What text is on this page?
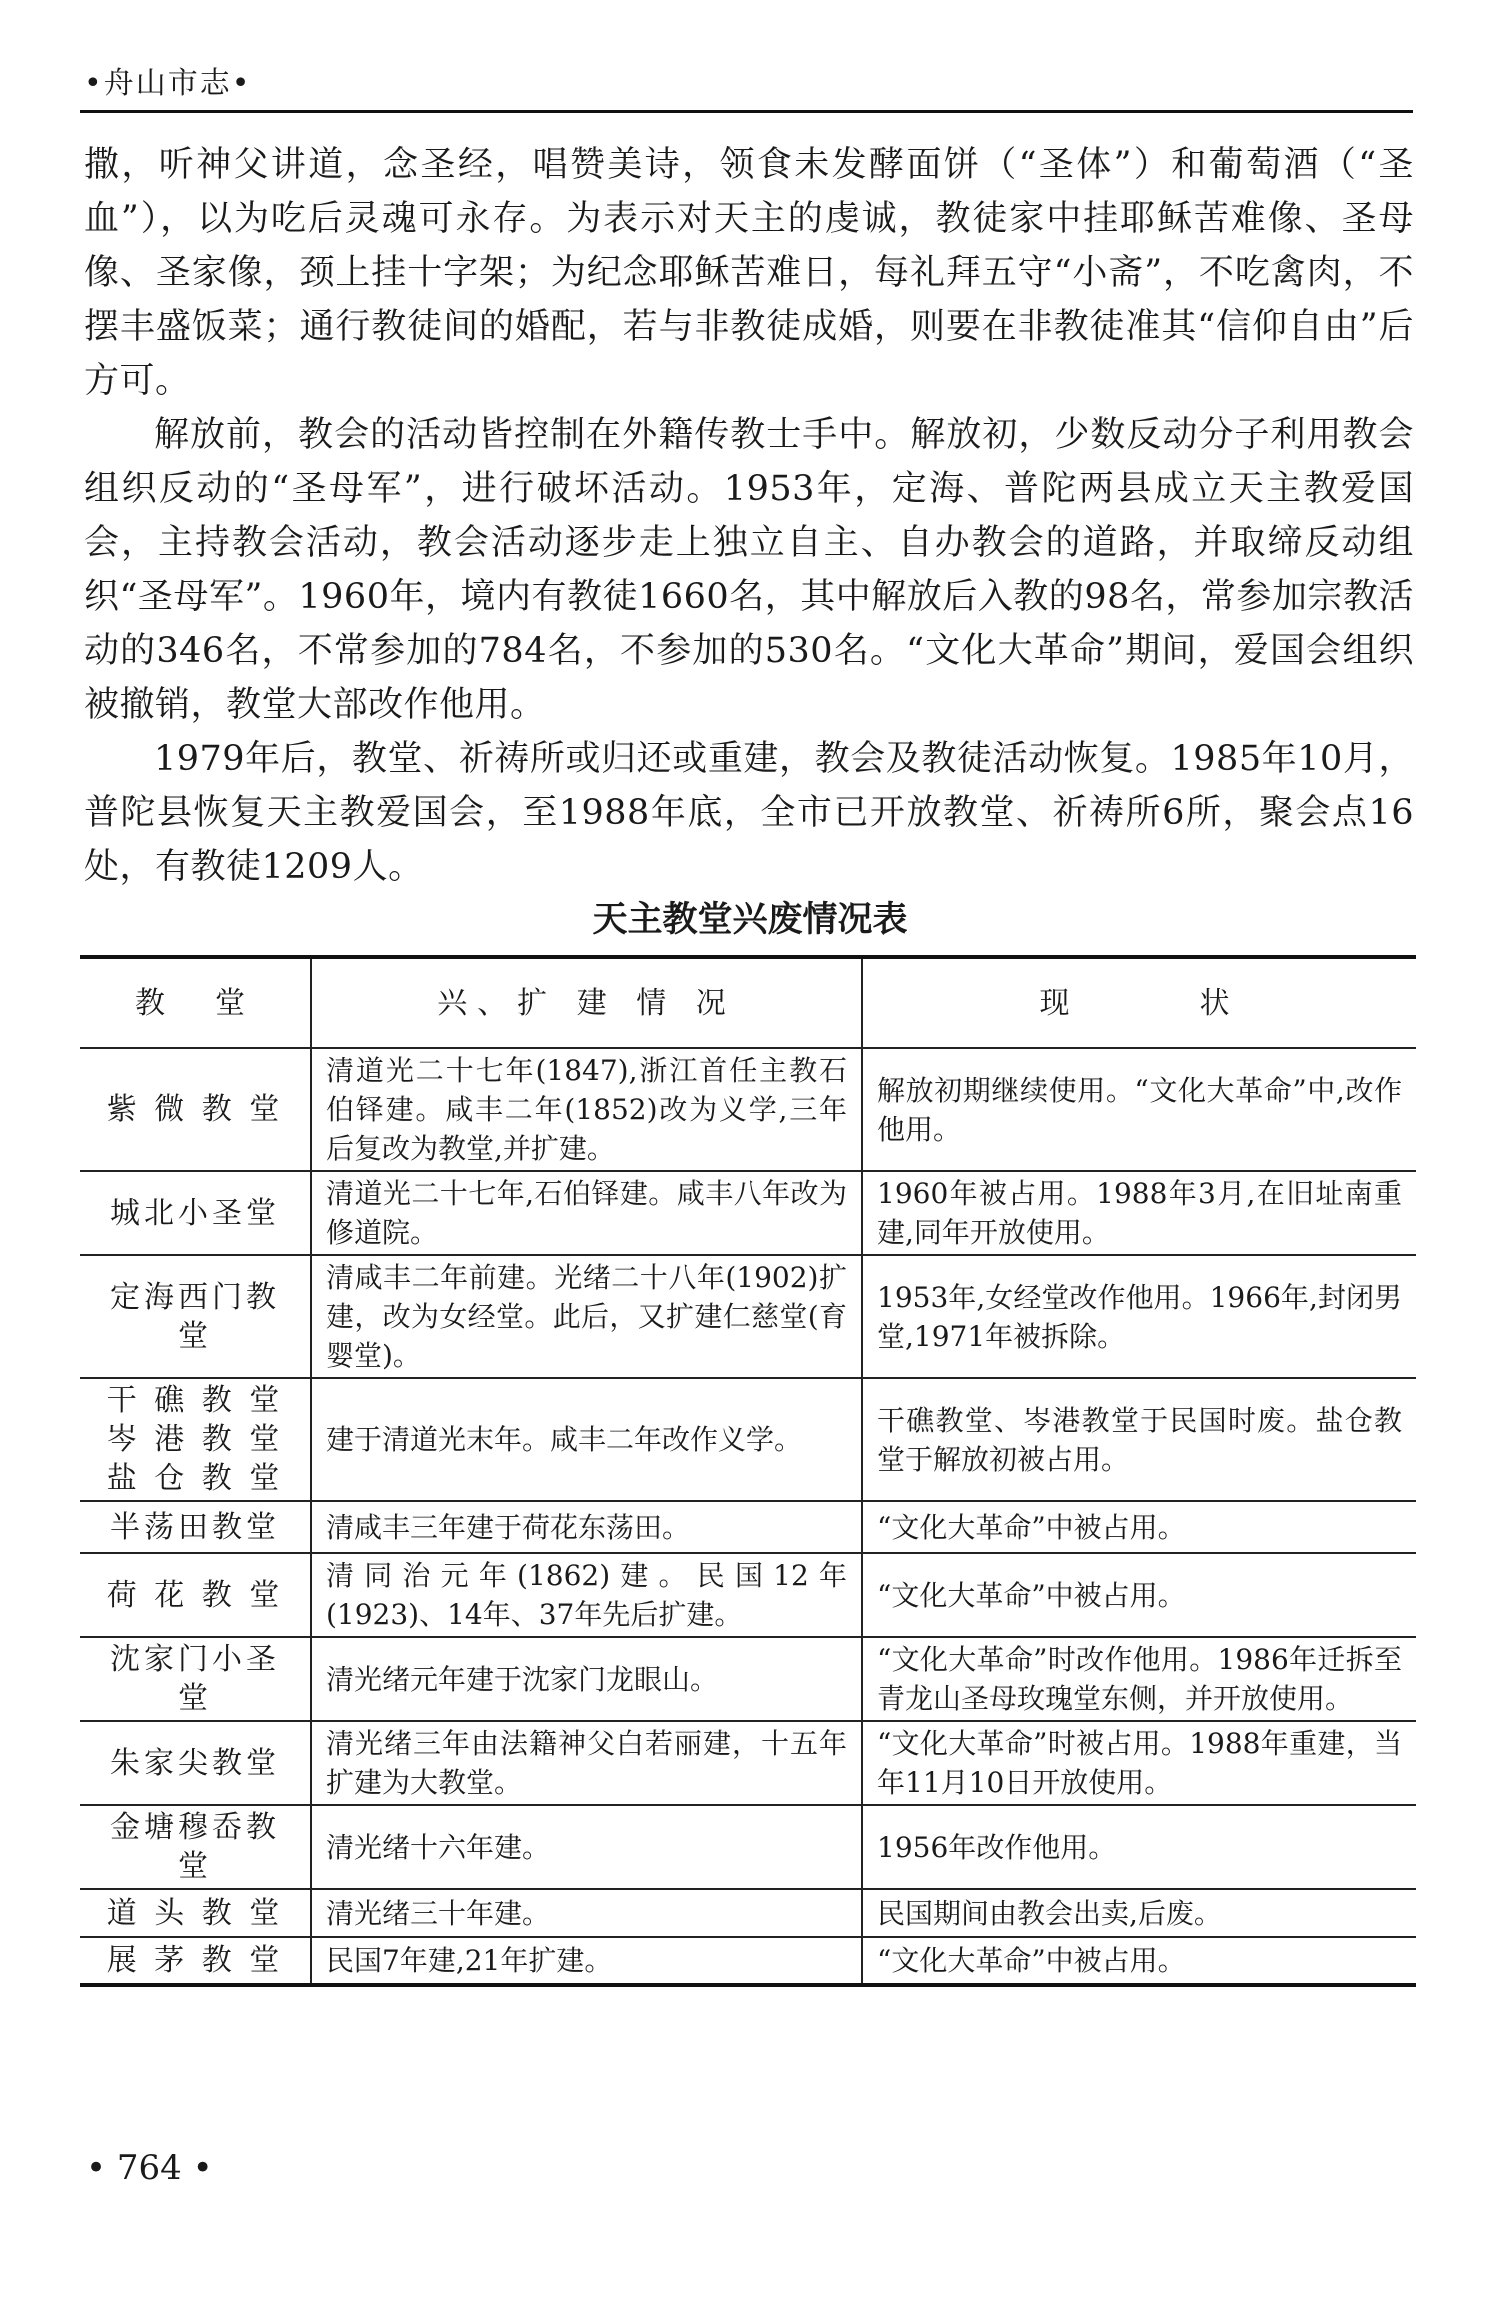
•舟山市志•

撒，听神父讲道，念圣经，唱赞美诗，领食未发酵面饼（“圣体”）和葡萄酒（“圣血”），以为吃后灵魂可永存。为表示对天主的虔诚，教徒家中挂耶稣苦难像、圣母像、圣家像，颈上挂十字架；为纪念耶稣苦难日，每礼拜五守“小斋”，不吃禽肉，不摆丰盛饭菜；通行教徒间的婚配，若与非教徒成婚，则要在非教徒准其“信仰自由”后方可。

解放前，教会的活动皆控制在外籍传教士手中。解放初，少数反动分子利用教会组织反动的“圣母军”，进行破坏活动。1953年，定海、普陀两县成立天主教爱国会，主持教会活动，教会活动逐步走上独立自主、自办教会的道路，并取缔反动组织“圣母军”。1960年，境内有教徒1660名，其中解放后入教的98名，常参加宗教活动的346名，不常参加的784名，不参加的530名。“文化大革命”期间，爱国会组织被撤销，教堂大部改作他用。

1979年后，教堂、祈祷所或归还或重建，教会及教徒活动恢复。1985年10月，普陀县恢复天主教爱国会，至1988年底，全市已开放教堂、祈祷所6所，聚会点16处，有教徒1209人。

天主教堂兴废情况表
教　堂	兴、扩 建 情 况	现　　　状

紫 微 教 堂	清道光二十七年(1847),浙江首任主教石伯铎建。咸丰二年(1852)改为义学,三年后复改为教堂,并扩建。	解放初期继续使用。“文化大革命”中,改作他用。

城北小圣堂	清道光二十七年,石伯铎建。咸丰八年改为修道院。	1960年被占用。1988年3月,在旧址南重建,同年开放使用。

定海西门教堂	清咸丰二年前建。光绪二十八年(1902)扩建，改为女经堂。此后，又扩建仁慈堂(育婴堂)。	1953年,女经堂改作他用。1966年,封闭男堂,1971年被拆除。

干 礁 教 堂
岑 港 教 堂
盐 仓 教 堂	建于清道光末年。咸丰二年改作义学。	干礁教堂、岑港教堂于民国时废。盐仓教堂于解放初被占用。

半荡田教堂	清咸丰三年建于荷花东荡田。	“文化大革命”中被占用。

荷 花 教 堂	清同治元年(1862)建。民国12年(1923)、14年、37年先后扩建。	“文化大革命”中被占用。

沈家门小圣堂	清光绪元年建于沈家门龙眼山。	“文化大革命”时改作他用。1986年迁拆至青龙山圣母玫瑰堂东侧，并开放使用。

朱家尖教堂	清光绪三年由法籍神父白若丽建，十五年扩建为大教堂。	“文化大革命”时被占用。1988年重建，当年11月10日开放使用。

金塘穆岙教堂	清光绪十六年建。	1956年改作他用。

道 头 教 堂	清光绪三十年建。	民国期间由教会出卖,后废。

展 茅 教 堂	民国7年建,21年扩建。	“文化大革命”中被占用。
• 764 •
